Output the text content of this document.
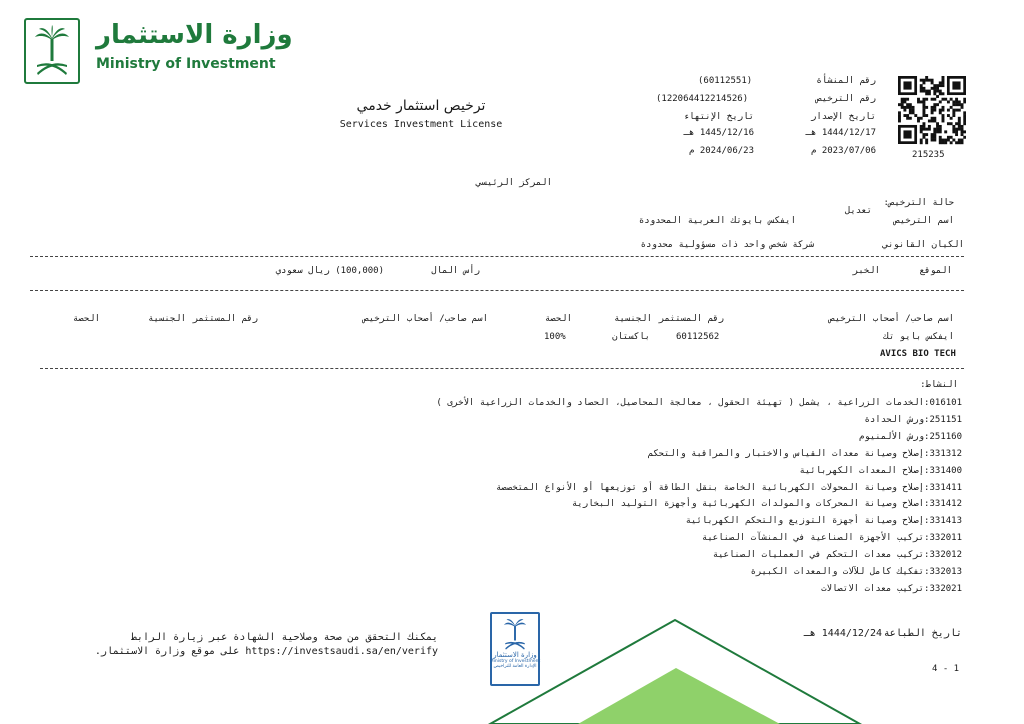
وزارة الاستثمار
Ministry of Investment
ترخيص استثمار خدمي
Services Investment License
215235
رقم المنشأة
رقم الترخيص
تاريخ الإصدار
1444/12/17 هـ
2023/07/06 م
(60112551)
(122064412214526)
تاريخ الإنتهاء
1445/12/16 هـ
2024/06/23 م
المركز الرئيسي
حالة الترخيص:
تعديل
اسم الترخيص
ايفكس بايوتك العربية المحدودة
الكيان القانوني
شركة شخص واحد ذات مسؤولية محدودة
الموقع
الخبر
رأس المال
(100,000) ريال سعودي
اسم صاحب/ أصحاب الترخيص
رقم المستثمر
الجنسية
الحصة
اسم صاحب/ أصحاب الترخيص
رقم المستثمر
الجنسية
الحصة
ايفكس بايو تك
60112562
باكستان
100%
AVICS BIO TECH
النشاط:
016101:الخدمات الزراعية ، يشمل ( تهيئة الحقول ، معالجة المحاصيل، الحصاد والخدمات الزراعية الأخرى )
251151:ورش الحدادة
251160:ورش الألمنيوم
331312:إصلاح وصيانة معدات القياس والاختبار والمراقبة والتحكم
331400:إصلاح المعدات الكهربائية
331411:إصلاح وصيانة المحولات الكهربائية الخاصة بنقل الطاقة أو توزيعها أو الأنواع المتخصصة
331412:اصلاح وصيانة المحركات والمولدات الكهربائية وأجهزة التوليد البخارية
331413:إصلاح وصيانة أجهزة التوزيع والتحكم الكهربائية
332011:تركيب الأجهزة الصناعية في المنشآت الصناعية
332012:تركيب معدات التحكم في العمليات الصناعية
332013:تفكيك كامل للآلات والمعدات الكبيرة
332021:تركيب معدات الاتصالات
تاريخ الطباعة
1444/12/24 هـ
4 - 1
يمكنك التحقق من صحة وصلاحية الشهادة عبر زيارة الرابط
https://investsaudi.sa/en/verify على موقع وزارة الاستثمار.	وزارة الاستثمار
Ministry of Investment
الإدارة العامة للتراخيص
